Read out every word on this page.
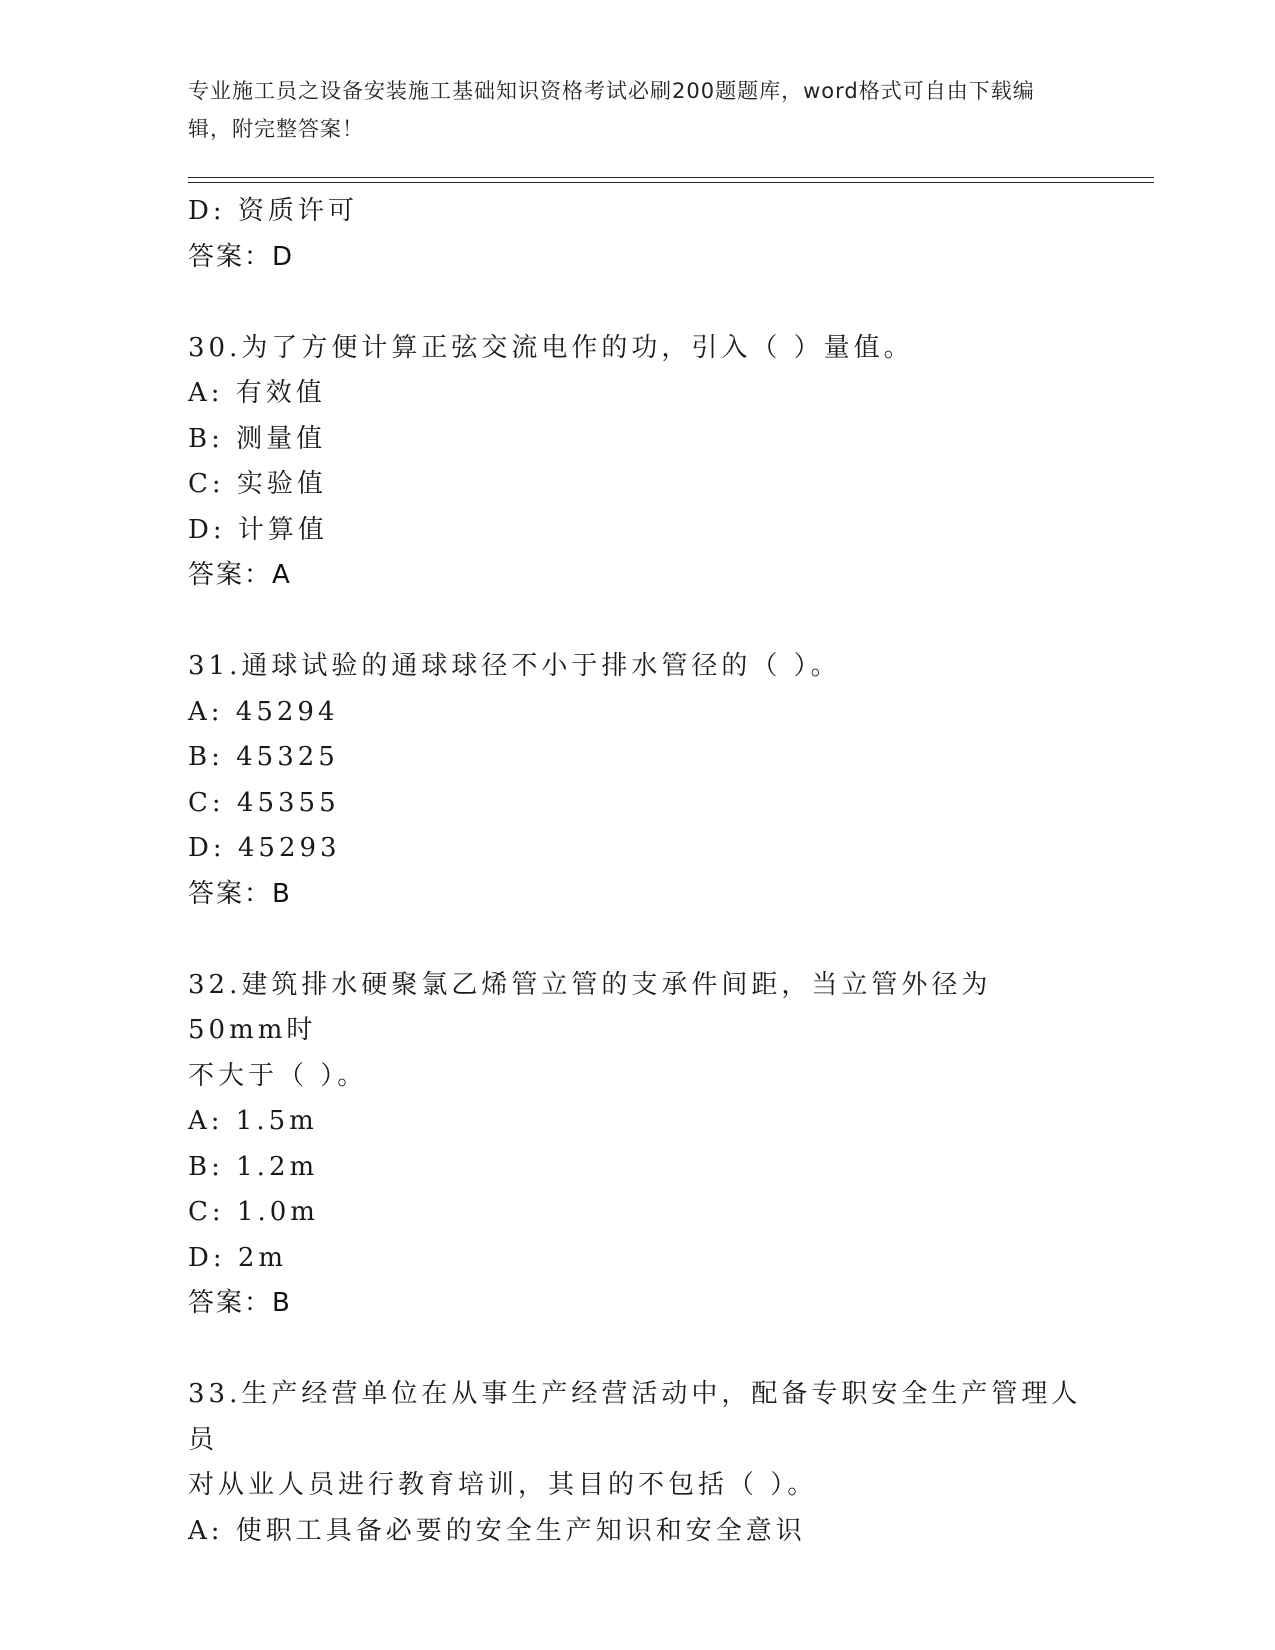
专业施工员之设备安装施工基础知识资格考试必刷200题题库，word格式可自由下载编辑，附完整答案！
D: 资质许可
答案：D
30.为了方便计算正弦交流电作的功，引入（ ）量值。
A: 有效值
B: 测量值
C: 实验值
D: 计算值
答案：A
31.通球试验的通球球径不小于排水管径的（ ）。
A: 45294
B: 45325
C: 45355
D: 45293
答案：B
32.建筑排水硬聚氯乙烯管立管的支承件间距，当立管外径为50mm时
不大于（ ）。
A: 1.5m
B: 1.2m
C: 1.0m
D: 2m
答案：B
33.生产经营单位在从事生产经营活动中，配备专职安全生产管理人员
对从业人员进行教育培训，其目的不包括（ ）。
A: 使职工具备必要的安全生产知识和安全意识
